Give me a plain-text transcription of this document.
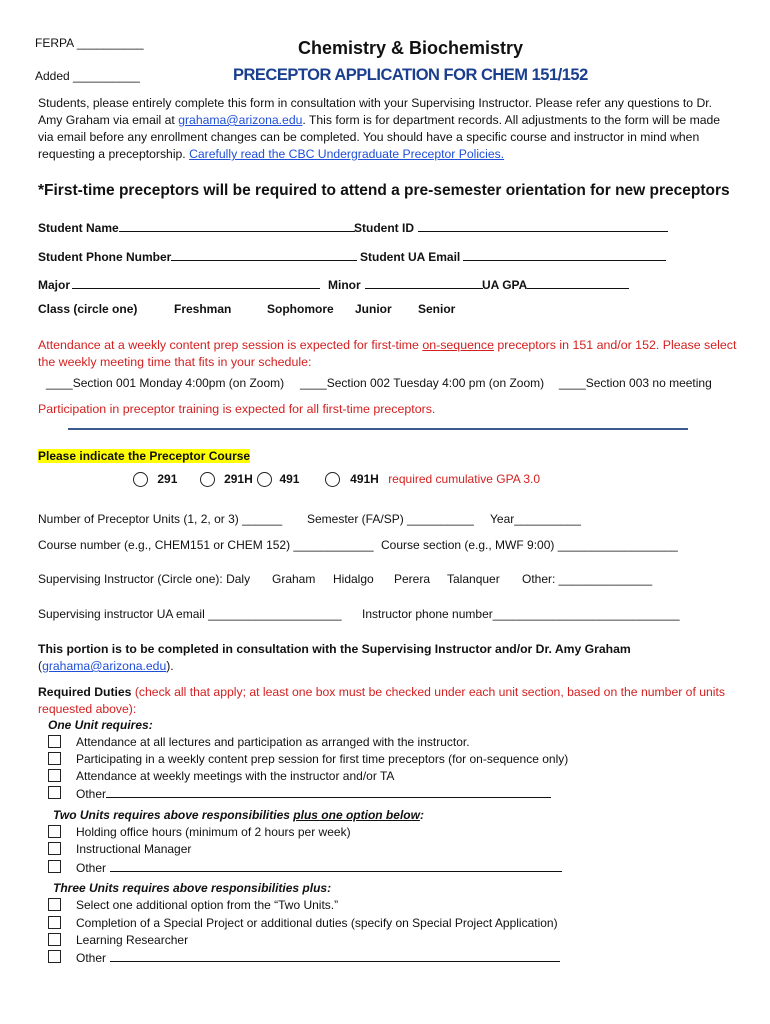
FERPA __________
Added __________
Chemistry & Biochemistry
PRECEPTOR APPLICATION FOR CHEM 151/152
Students, please entirely complete this form in consultation with your Supervising Instructor. Please refer any questions to Dr. Amy Graham via email at grahama@arizona.edu. This form is for department records. All adjustments to the form will be made via email before any enrollment changes can be completed. You should have a specific course and instructor in mind when requesting a preceptorship. Carefully read the CBC Undergraduate Preceptor Policies.
*First-time preceptors will be required to attend a pre-semester orientation for new preceptors
Student Name	Student ID
Student Phone Number	Student UA Email
Major	Minor	UA GPA
Class (circle one)	Freshman	Sophomore Junior Senior
Attendance at a weekly content prep session is expected for first-time on-sequence preceptors in 151 and/or 152. Please select the weekly meeting time that fits in your schedule:
____Section 001 Monday 4:00pm (on Zoom) ____Section 002 Tuesday 4:00 pm (on Zoom) ____Section 003 no meeting
Participation in preceptor training is expected for all first-time preceptors.
Please indicate the Preceptor Course
291	291H 491	491H required cumulative GPA 3.0
Number of Preceptor Units (1, 2, or 3) ______ Semester (FA/SP) __________ Year__________
Course number (e.g., CHEM151 or CHEM 152) ____________ Course section (e.g., MWF 9:00) __________________
Supervising Instructor (Circle one): Daly Graham Hidalgo Perera Talanquer Other: ______________
Supervising instructor UA email ____________________ Instructor phone number____________________________
This portion is to be completed in consultation with the Supervising Instructor and/or Dr. Amy Graham
(grahama@arizona.edu).
Required Duties (check all that apply; at least one box must be checked under each unit section, based on the number of units requested above):
One Unit requires:
Attendance at all lectures and participation as arranged with the instructor.
Participating in a weekly content prep session for first time preceptors (for on-sequence only)
Attendance at weekly meetings with the instructor and/or TA
Other
Two Units requires above responsibilities plus one option below:
Holding office hours (minimum of 2 hours per week)
Instructional Manager
Other
Three Units requires above responsibilities plus:
Select one additional option from the “Two Units.”
Completion of a Special Project or additional duties (specify on Special Project Application)
Learning Researcher
Other
